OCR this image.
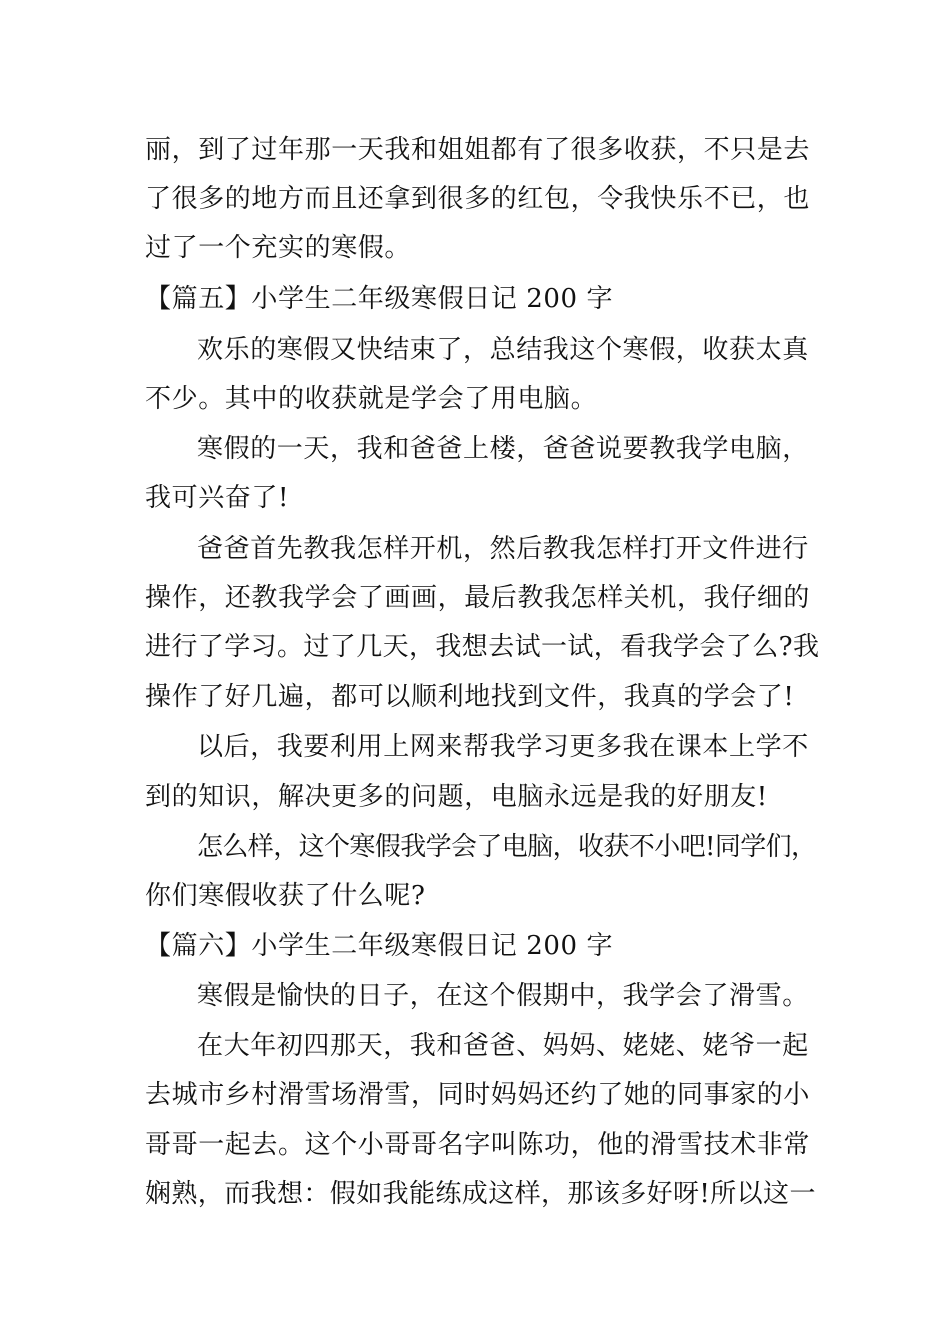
丽，到了过年那一天我和姐姐都有了很多收获，不只是去
了很多的地方而且还拿到很多的红包，令我快乐不已，也
过了一个充实的寒假。
【篇五】小学生二年级寒假日记 200 字
欢乐的寒假又快结束了，总结我这个寒假，收获太真
不少。其中的收获就是学会了用电脑。
寒假的一天，我和爸爸上楼，爸爸说要教我学电脑，
我可兴奋了!
爸爸首先教我怎样开机，然后教我怎样打开文件进行
操作，还教我学会了画画，最后教我怎样关机，我仔细的
进行了学习。过了几天，我想去试一试，看我学会了么?我
操作了好几遍，都可以顺利地找到文件，我真的学会了!
以后，我要利用上网来帮我学习更多我在课本上学不
到的知识，解决更多的问题，电脑永远是我的好朋友!
怎么样，这个寒假我学会了电脑，收获不小吧!同学们，
你们寒假收获了什么呢?
【篇六】小学生二年级寒假日记 200 字
寒假是愉快的日子，在这个假期中，我学会了滑雪。
在大年初四那天，我和爸爸、妈妈、姥姥、姥爷一起
去城市乡村滑雪场滑雪，同时妈妈还约了她的同事家的小
哥哥一起去。这个小哥哥名字叫陈功，他的滑雪技术非常
娴熟，而我想：假如我能练成这样，那该多好呀!所以这一
